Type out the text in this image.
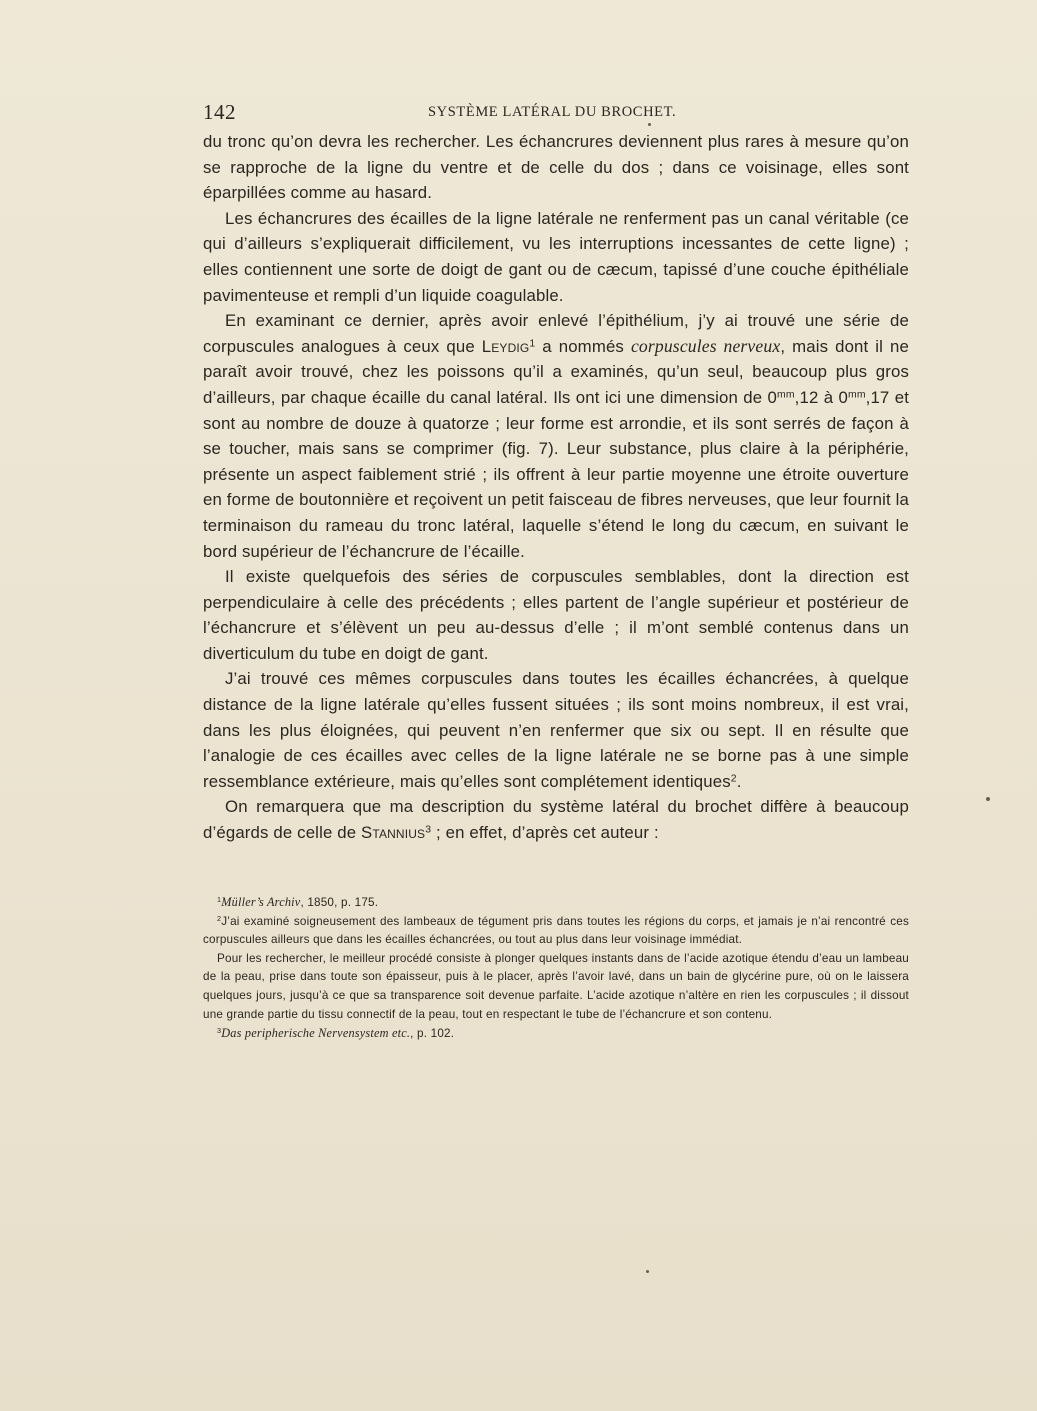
142	SYSTÈME LATÉRAL DU BROCHET.

du tronc qu’on devra les rechercher. Les échancrures deviennent plus rares à mesure qu’on se rapproche de la ligne du ventre et de celle du dos ; dans ce voisinage, elles sont éparpillées comme au hasard.

Les échancrures des écailles de la ligne latérale ne renferment pas un canal véritable (ce qui d’ailleurs s’expliquerait difficilement, vu les interruptions incessantes de cette ligne) ; elles contiennent une sorte de doigt de gant ou de cæcum, tapissé d’une couche épithéliale pavimenteuse et rempli d’un liquide coagulable.

En examinant ce dernier, après avoir enlevé l’épithélium, j’y ai trouvé une série de corpuscules analogues à ceux que Leydig$^1$ a nommés corpuscules nerveux, mais dont il ne paraît avoir trouvé, chez les poissons qu’il a examinés, qu’un seul, beaucoup plus gros d’ailleurs, par chaque écaille du canal latéral. Ils ont ici une dimension de $0^{mm},12$ à $0^{mm},17$ et sont au nombre de douze à quatorze ; leur forme est arrondie, et ils sont serrés de façon à se toucher, mais sans se comprimer (fig. 7). Leur substance, plus claire à la périphérie, présente un aspect faiblement strié ; ils offrent à leur partie moyenne une étroite ouverture en forme de boutonnière et reçoivent un petit faisceau de fibres nerveuses, que leur fournit la terminaison du rameau du tronc latéral, laquelle s’étend le long du cæcum, en suivant le bord supérieur de l’échancrure de l’écaille.

Il existe quelquefois des séries de corpuscules semblables, dont la direction est perpendiculaire à celle des précédents ; elles partent de l’angle supérieur et postérieur de l’échancrure et s’élèvent un peu au-dessus d’elle ; il m’ont semblé contenus dans un diverticulum du tube en doigt de gant.

J’ai trouvé ces mêmes corpuscules dans toutes les écailles échancrées, à quelque distance de la ligne latérale qu’elles fussent situées ; ils sont moins nombreux, il est vrai, dans les plus éloignées, qui peuvent n’en renfermer que six ou sept. Il en résulte que l’analogie de ces écailles avec celles de la ligne latérale ne se borne pas à une simple ressemblance extérieure, mais qu’elles sont complétement identiques$^2$.

On remarquera que ma description du système latéral du brochet diffère à beaucoup d’égards de celle de Stannius$^3$ ; en effet, d’après cet auteur :

$^1$Müller’s Archiv, 1850, p. 175.

$^2$J’ai examiné soigneusement des lambeaux de tégument pris dans toutes les régions du corps, et jamais je n’ai rencontré ces corpuscules ailleurs que dans les écailles échancrées, ou tout au plus dans leur voisinage immédiat.

Pour les rechercher, le meilleur procédé consiste à plonger quelques instants dans de l’acide azotique étendu d’eau un lambeau de la peau, prise dans toute son épaisseur, puis à le placer, après l’avoir lavé, dans un bain de glycérine pure, où on le laissera quelques jours, jusqu’à ce que sa transparence soit devenue parfaite. L’acide azotique n’altère en rien les corpuscules ; il dissout une grande partie du tissu connectif de la peau, tout en respectant le tube de l’échancrure et son contenu.

$^3$Das peripherische Nervensystem etc., p. 102.
